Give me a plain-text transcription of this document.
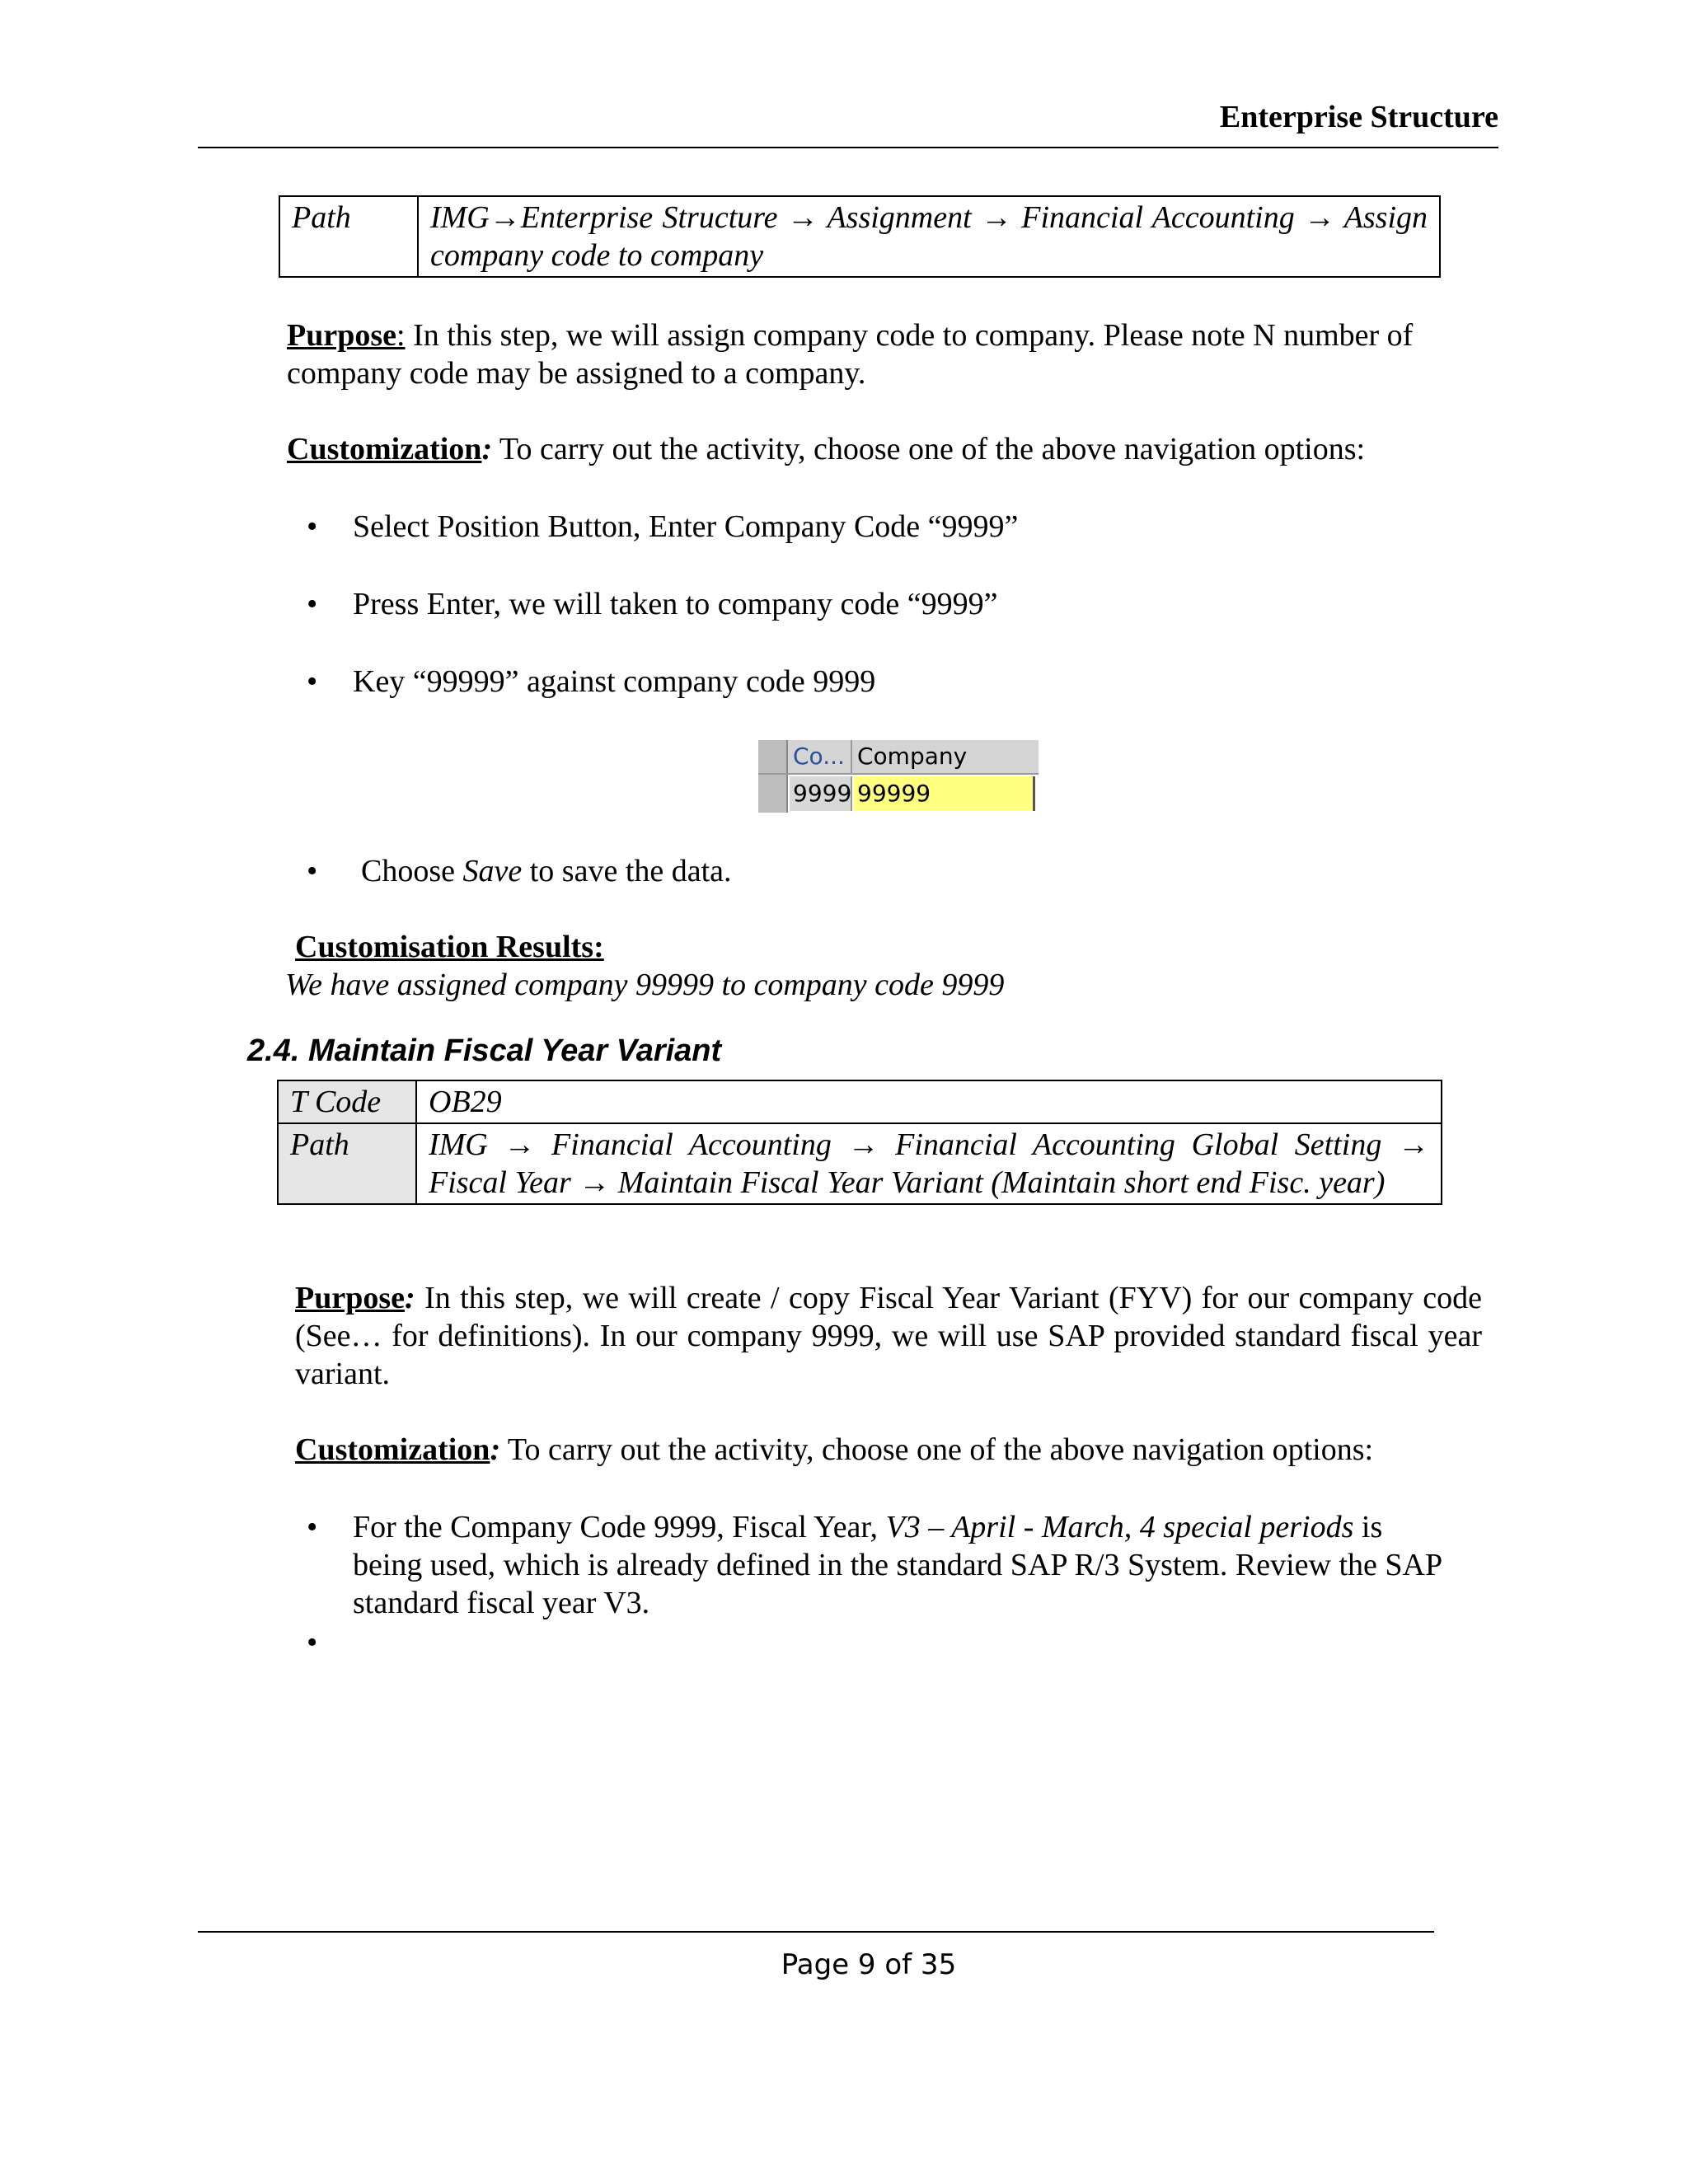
Enterprise Structure
Path	IMG→Enterprise Structure → Assignment → Financial Accounting → Assign company code to company
Purpose: In this step, we will assign company code to company. Please note N number of company code may be assigned to a company.
Customization: To carry out the activity, choose one of the above navigation options:
• Select Position Button, Enter Company Code “9999”
• Press Enter, we will taken to company code “9999”
• Key “99999” against company code 9999
Co... Company
9999 99999
• Choose Save to save the data.
Customisation Results:
We have assigned company 99999 to company code 9999
2.4. Maintain Fiscal Year Variant
T Code	OB29
Path	IMG → Financial Accounting → Financial Accounting Global Setting → Fiscal Year → Maintain Fiscal Year Variant (Maintain short end Fisc. year)
Purpose: In this step, we will create / copy Fiscal Year Variant (FYV) for our company code (See… for definitions). In our company 9999, we will use SAP provided standard fiscal year variant.
Customization: To carry out the activity, choose one of the above navigation options:
• For the Company Code 9999, Fiscal Year, V3 – April - March, 4 special periods is being used, which is already defined in the standard SAP R/3 System. Review the SAP standard fiscal year V3.
•
Page 9 of 35
